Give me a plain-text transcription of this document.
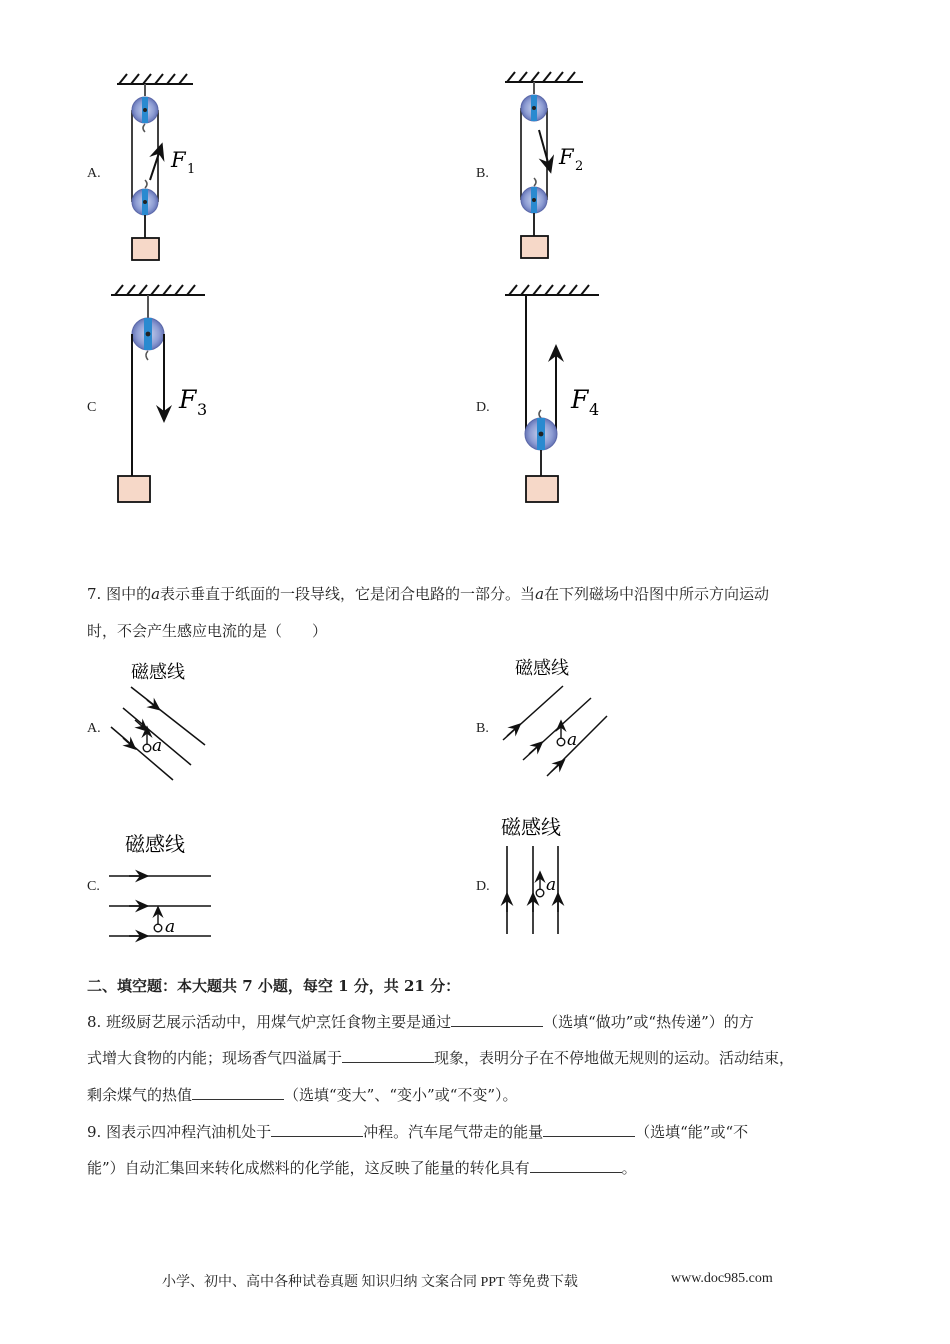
A.
F 1	B.
F 2
C	F 3	D.	F 4
7. 图中的a表示垂直于纸面的一段导线，它是闭合电路的一部分。当a在下列磁场中沿图中所示方向运动
时，不会产生感应电流的是（　　）
A.
磁感线
a
B.
磁感线
a
C.
磁感线
a
D.
磁感线
a
二、填空题：本大题共 7 小题，每空 1 分，共 21 分：
8. 班级厨艺展示活动中，用煤气炉烹饪食物主要是通过	（选填“做功”或“热传递”）的方
式增大食物的内能；现场香气四溢属于	现象，表明分子在不停地做无规则的运动。活动结束，
剩余煤气的热值	（选填“变大”、“变小”或“不变”）。
9. 图表示四冲程汽油机处于	冲程。汽车尾气带走的能量	（选填“能”或“不
能”）自动汇集回来转化成燃料的化学能，这反映了能量的转化具有	。
小学、初中、高中各种试卷真题 知识归纳 文案合同 PPT 等免费下载	www.doc985.com
